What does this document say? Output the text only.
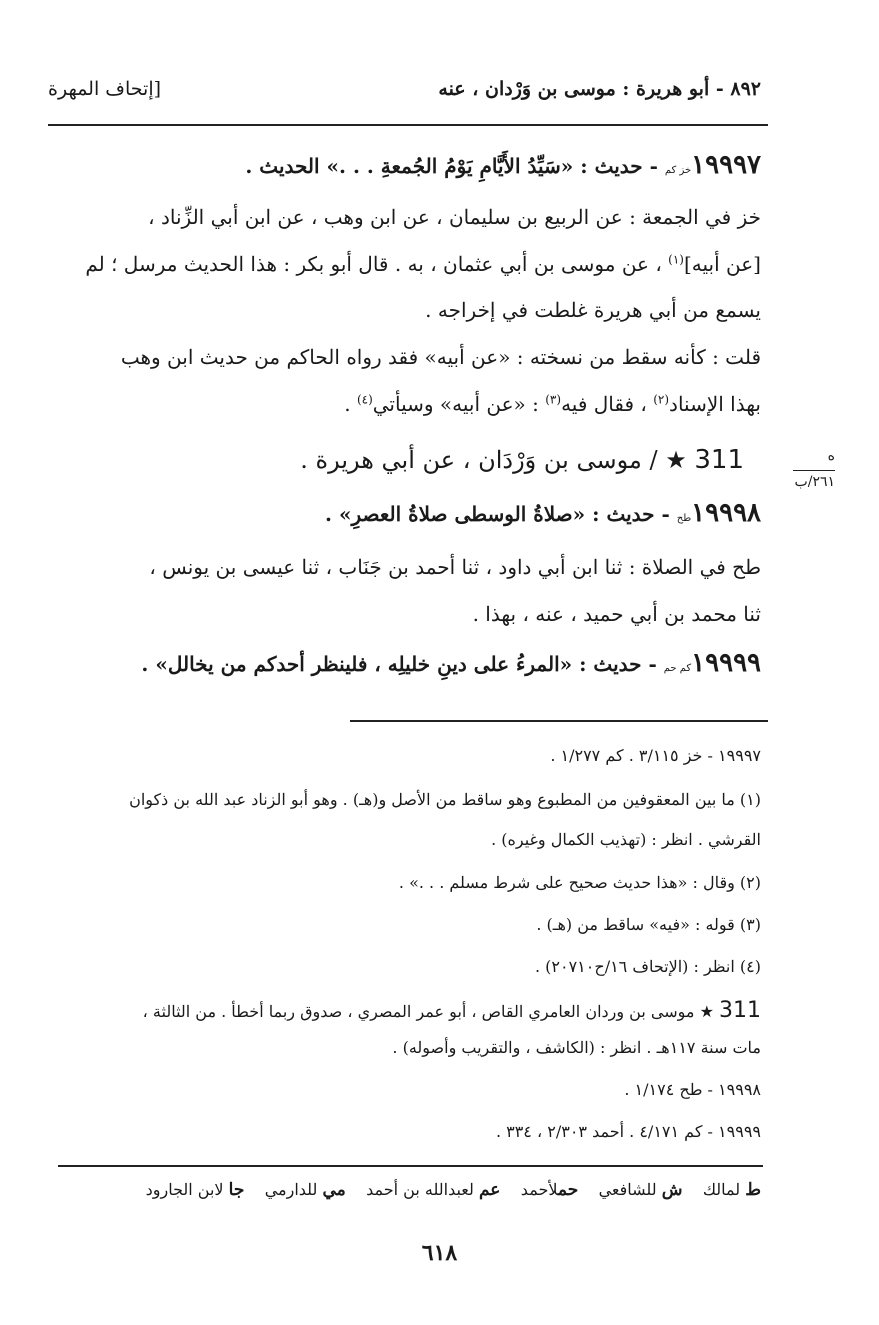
[إتحاف المهرة	٨٩٢ - أبو هريرة : موسى بن وَرْدان ، عنه
١٩٩٩٧خز كم - حديث : «سَيِّدُ الأَيَّامِ يَوْمُ الجُمعةِ . . .» الحديث .
خز في الجمعة : عن الربيع بن سليمان ، عن ابن وهب ، عن ابن أبي الزِّناد ،
[عن أبيه]$^{(١)}$ ، عن موسى بن أبي عثمان ، به . قال أبو بكر : هذا الحديث مرسل ؛ لم
يسمع من أبي هريرة غلطت في إخراجه .
قلت : كأنه سقط من نسخته : «عن أبيه» فقد رواه الحاكم من حديث ابن وهب
بهذا الإسناد$^{(٢)}$ ، فقال فيه$^{(٣)}$ : «عن أبيه» وسيأتي$^{(٤)}$ .
311 ★ / موسى بن وَرْدَان ، عن أبي هريرة .	ه
٢٦١/ب
١٩٩٩٨طح - حديث : «صلاةُ الوسطى صلاةُ العصرِ» .
طح في الصلاة : ثنا ابن أبي داود ، ثنا أحمد بن جَنَاب ، ثنا عيسى بن يونس ،
ثنا محمد بن أبي حميد ، عنه ، بهذا .
١٩٩٩٩كم حم - حديث : «المرءُ على دينِ خليلِه ، فلينظر أحدكم من يخالل» .
١٩٩٩٧ - خز ٣/١١٥ . كم ١/٢٧٧ .
(١) ما بين المعقوفين من المطبوع وهو ساقط من الأصل و(هـ) . وهو أبو الزناد عبد الله بن ذكوان
القرشي . انظر : (تهذيب الكمال وغيره) .
(٢) وقال : «هذا حديث صحيح على شرط مسلم . . .» .
(٣) قوله : «فيه» ساقط من (هـ) .
(٤) انظر : (الإتحاف ١٦/ح٢٠٧١٠) .
311 ★ موسى بن وردان العامري القاص ، أبو عمر المصري ، صدوق ربما أخطأ . من الثالثة ،
مات سنة ١١٧هـ . انظر : (الكاشف ، والتقريب وأصوله) .
١٩٩٩٨ - طح ١/١٧٤ .
١٩٩٩٩ - كم ٤/١٧١ . أحمد ٢/٣٠٣ ، ٣٣٤ .
ط لمالك    ش للشافعي    حملأحمد    عم لعبدالله بن أحمد    مي للدارمي    جا لابن الجارود
٦١٨
